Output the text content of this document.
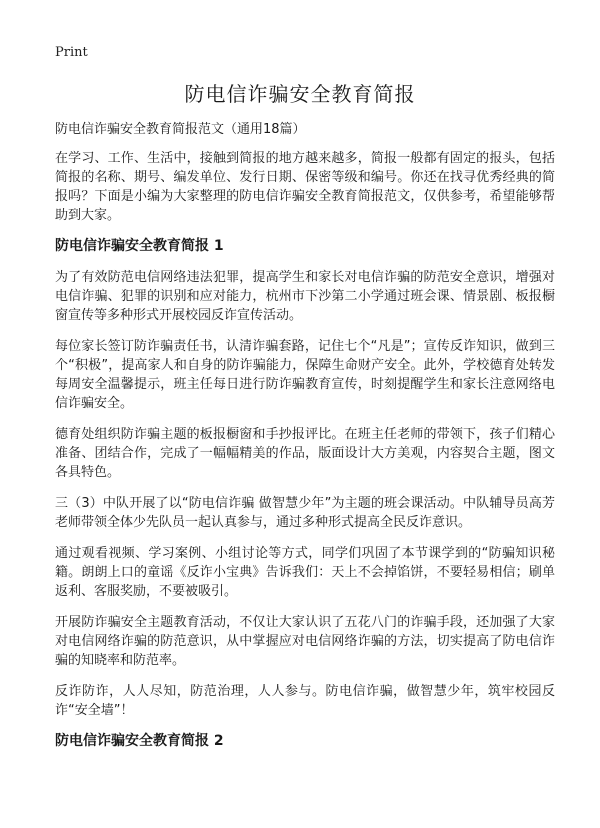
Print
防电信诈骗安全教育简报

防电信诈骗安全教育简报范文（通用18篇）

在学习、工作、生活中，接触到简报的地方越来越多，简报一般都有固定的报头，包括简报的名称、期号、编发单位、发行日期、保密等级和编号。你还在找寻优秀经典的简报吗？下面是小编为大家整理的防电信诈骗安全教育简报范文，仅供参考，希望能够帮助到大家。

防电信诈骗安全教育简报 1

为了有效防范电信网络违法犯罪，提高学生和家长对电信诈骗的防范安全意识，增强对电信诈骗、犯罪的识别和应对能力，杭州市下沙第二小学通过班会课、情景剧、板报橱窗宣传等多种形式开展校园反诈宣传活动。

每位家长签订防诈骗责任书，认清诈骗套路，记住七个“凡是”；宣传反诈知识，做到三个“积极”，提高家人和自身的防诈骗能力，保障生命财产安全。此外，学校德育处转发每周安全温馨提示，班主任每日进行防诈骗教育宣传，时刻提醒学生和家长注意网络电信诈骗安全。

德育处组织防诈骗主题的板报橱窗和手抄报评比。在班主任老师的带领下，孩子们精心准备、团结合作，完成了一幅幅精美的作品，版面设计大方美观，内容契合主题，图文各具特色。

三（3）中队开展了以“防电信诈骗 做智慧少年”为主题的班会课活动。中队辅导员高芳老师带领全体少先队员一起认真参与，通过多种形式提高全民反诈意识。

通过观看视频、学习案例、小组讨论等方式，同学们巩固了本节课学到的“防骗知识秘籍。朗朗上口的童谣《反诈小宝典》告诉我们：天上不会掉馅饼，不要轻易相信；刷单返利、客服奖励，不要被吸引。

开展防诈骗安全主题教育活动，不仅让大家认识了五花八门的诈骗手段，还加强了大家对电信网络诈骗的防范意识，从中掌握应对电信网络诈骗的方法，切实提高了防电信诈骗的知晓率和防范率。

反诈防诈，人人尽知，防范治理，人人参与。防电信诈骗，做智慧少年，筑牢校园反诈“安全墙”！

防电信诈骗安全教育简报 2
